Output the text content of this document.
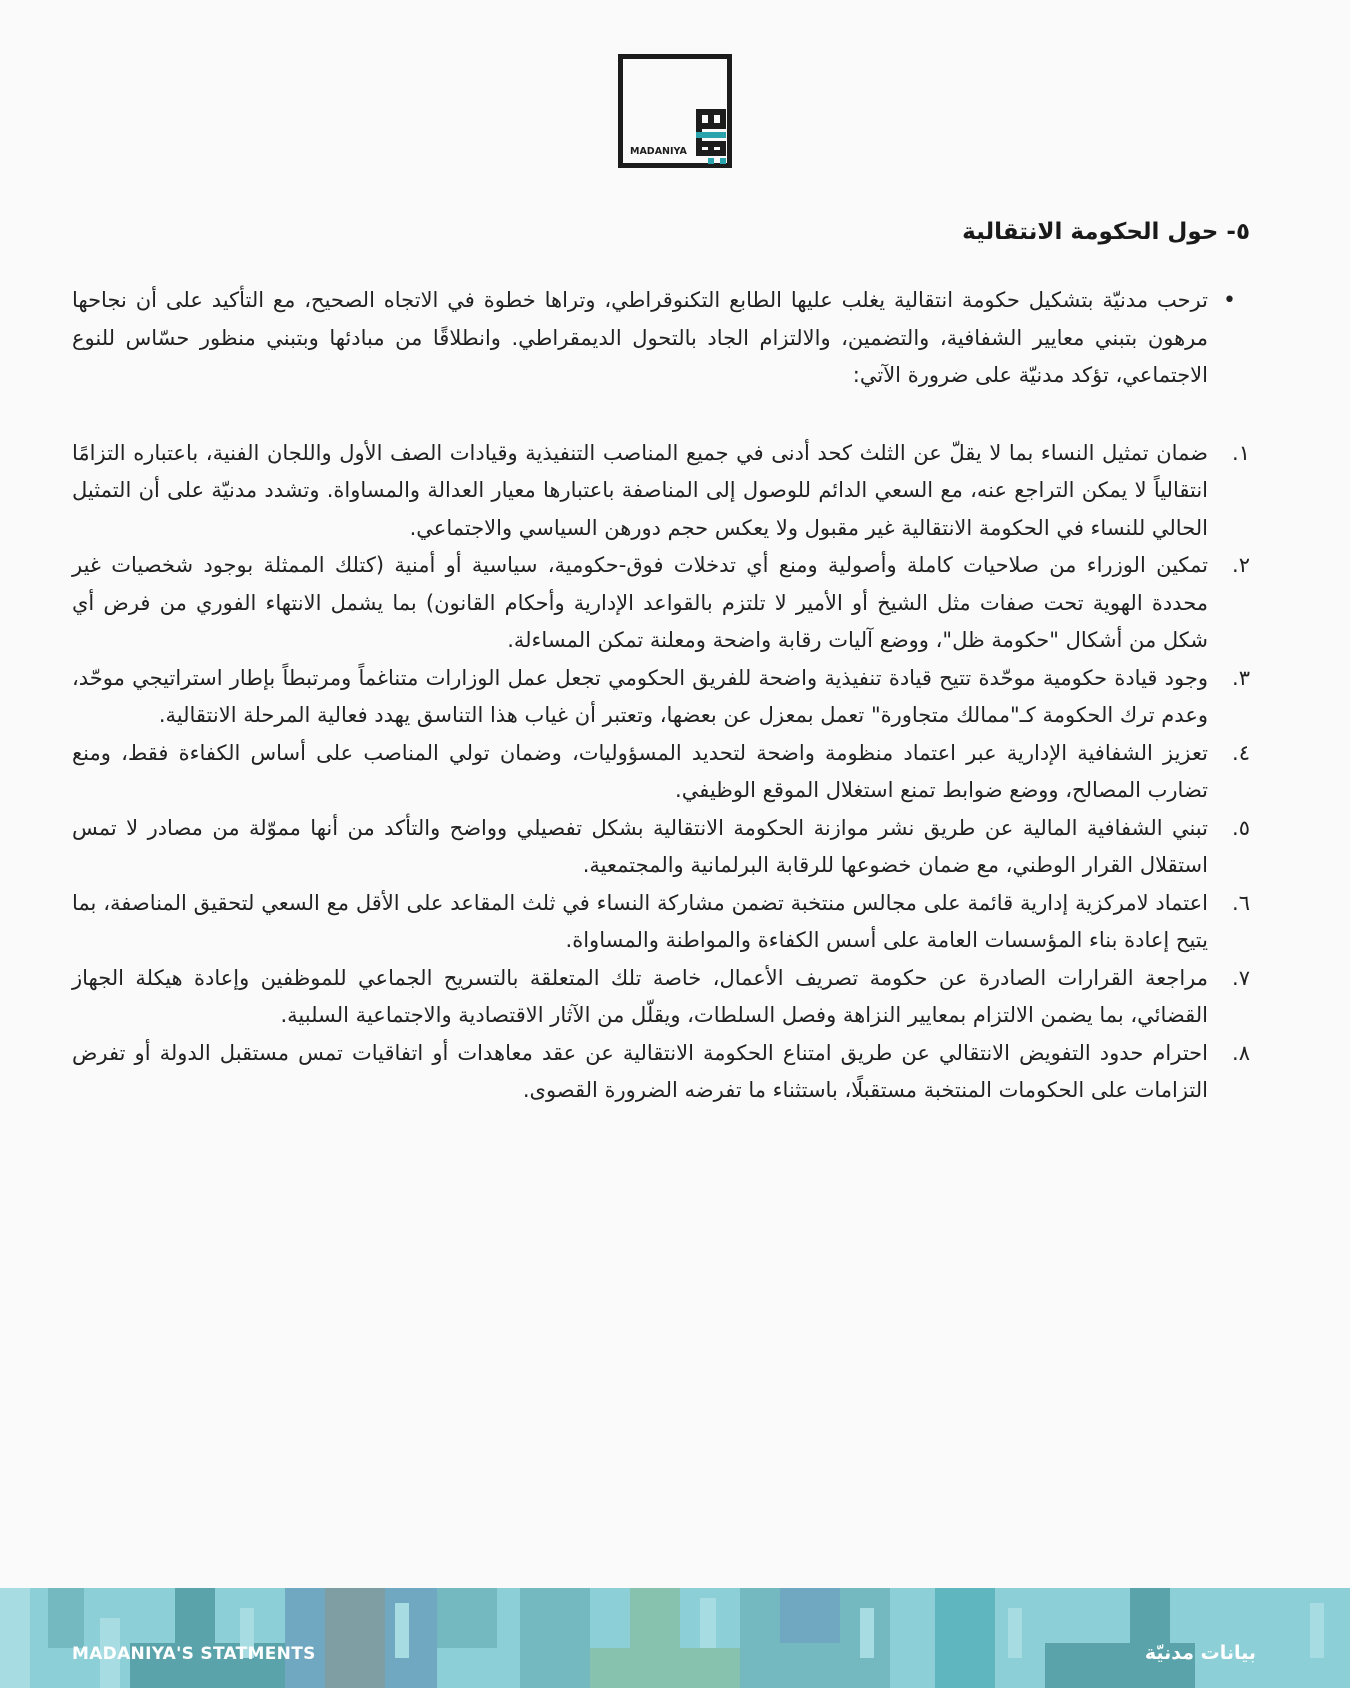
MADANIYA
٥- حول الحكومة الانتقالية
• ترحب مدنيّة بتشكيل حكومة انتقالية يغلب عليها الطابع التكنوقراطي، وتراها خطوة في الاتجاه الصحيح، مع التأكيد على أن نجاحها مرهون بتبني معايير الشفافية، والتضمين، والالتزام الجاد بالتحول الديمقراطي. وانطلاقًا من مبادئها وبتبني منظور حسّاس للنوع الاجتماعي، تؤكد مدنيّة على ضرورة الآتي:
١.
ضمان تمثيل النساء بما لا يقلّ عن الثلث كحد أدنى في جميع المناصب التنفيذية وقيادات الصف الأول واللجان الفنية، باعتباره التزامًا انتقالياً لا يمكن التراجع عنه، مع السعي الدائم للوصول إلى المناصفة باعتبارها معيار العدالة والمساواة. وتشدد مدنيّة على أن التمثيل الحالي للنساء في الحكومة الانتقالية غير مقبول ولا يعكس حجم دورهن السياسي والاجتماعي.
٢.
تمكين الوزراء من صلاحيات كاملة وأصولية ومنع أي تدخلات فوق-حكومية، سياسية أو أمنية (كتلك الممثلة بوجود شخصيات غير محددة الهوية تحت صفات مثل الشيخ أو الأمير لا تلتزم بالقواعد الإدارية وأحكام القانون) بما يشمل الانتهاء الفوري من فرض أي شكل من أشكال "حكومة ظل"، ووضع آليات رقابة واضحة ومعلنة تمكن المساءلة.
٣.
وجود قيادة حكومية موحّدة تتيح قيادة تنفيذية واضحة للفريق الحكومي تجعل عمل الوزارات متناغماً ومرتبطاً بإطار استراتيجي موحّد، وعدم ترك الحكومة كـ"ممالك متجاورة" تعمل بمعزل عن بعضها، وتعتبر أن غياب هذا التناسق يهدد فعالية المرحلة الانتقالية.
٤.
تعزيز الشفافية الإدارية عبر اعتماد منظومة واضحة لتحديد المسؤوليات، وضمان تولي المناصب على أساس الكفاءة فقط، ومنع تضارب المصالح، ووضع ضوابط تمنع استغلال الموقع الوظيفي.
٥.
تبني الشفافية المالية عن طريق نشر موازنة الحكومة الانتقالية بشكل تفصيلي وواضح والتأكد من أنها مموّلة من مصادر لا تمس استقلال القرار الوطني، مع ضمان خضوعها للرقابة البرلمانية والمجتمعية.
٦.
اعتماد لامركزية إدارية قائمة على مجالس منتخبة تضمن مشاركة النساء في ثلث المقاعد على الأقل مع السعي لتحقيق المناصفة، بما يتيح إعادة بناء المؤسسات العامة على أسس الكفاءة والمواطنة والمساواة.
٧.
مراجعة القرارات الصادرة عن حكومة تصريف الأعمال، خاصة تلك المتعلقة بالتسريح الجماعي للموظفين وإعادة هيكلة الجهاز القضائي، بما يضمن الالتزام بمعايير النزاهة وفصل السلطات، ويقلّل من الآثار الاقتصادية والاجتماعية السلبية.
٨.
احترام حدود التفويض الانتقالي عن طريق امتناع الحكومة الانتقالية عن عقد معاهدات أو اتفاقيات تمس مستقبل الدولة أو تفرض التزامات على الحكومات المنتخبة مستقبلًا، باستثناء ما تفرضه الضرورة القصوى.
MADANIYA'S STATMENTS	بيانات مدنيّة
